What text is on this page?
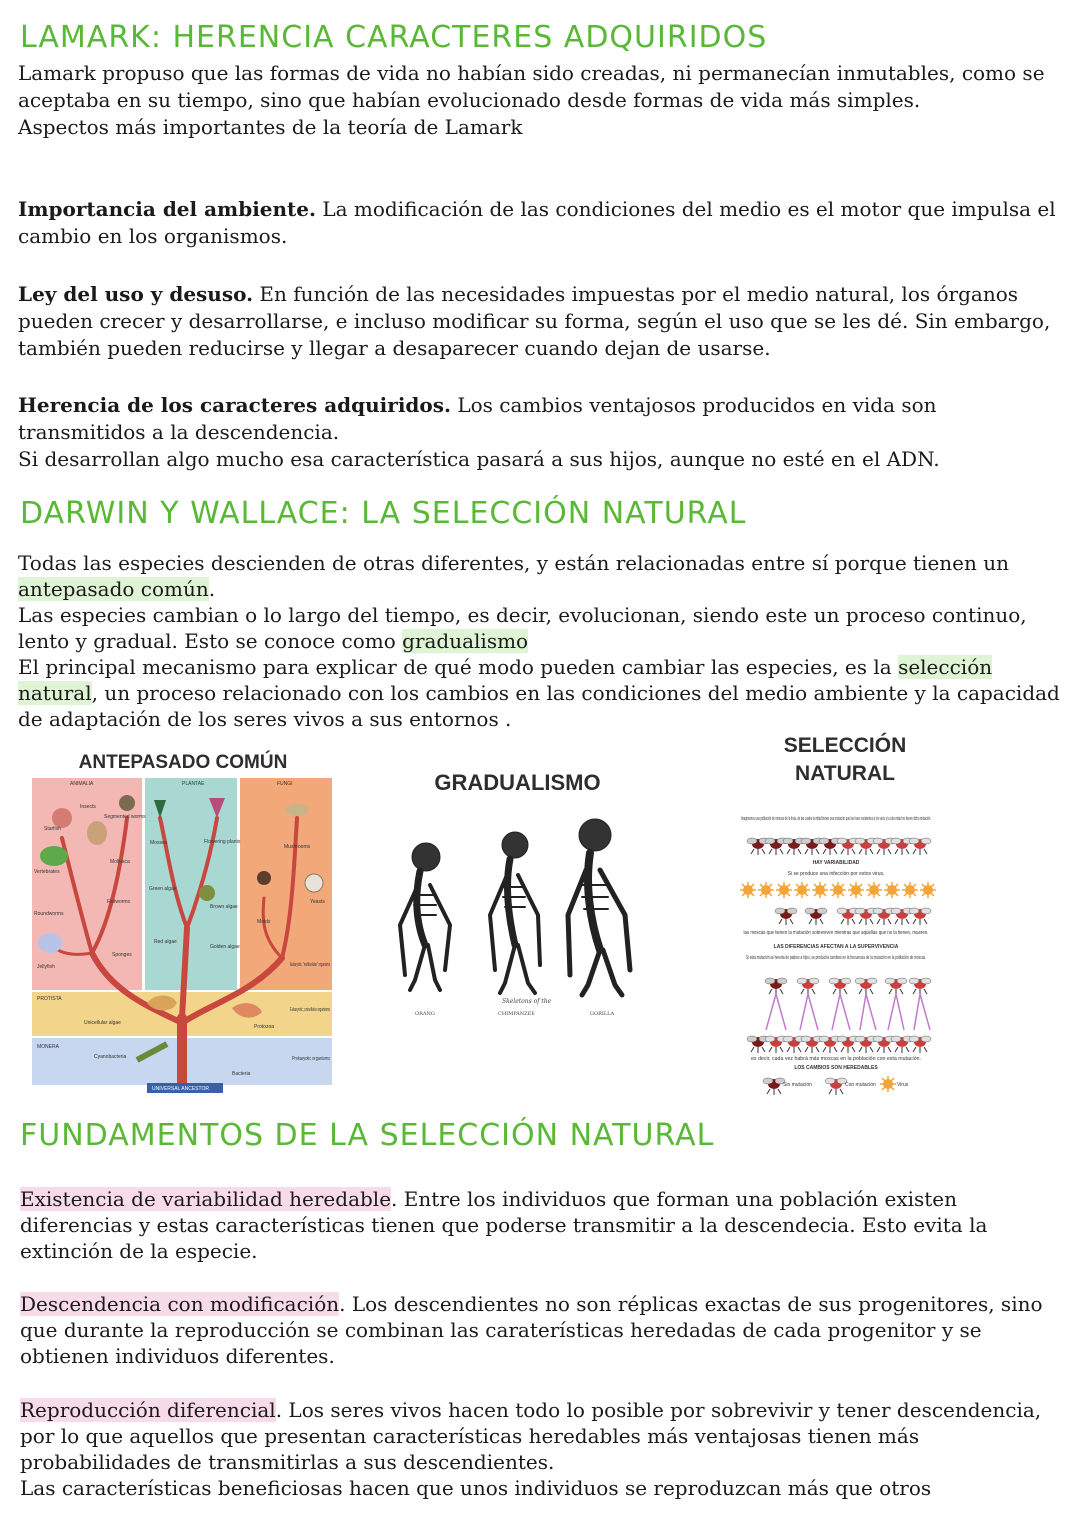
LAMARK: HERENCIA CARACTERES ADQUIRIDOS

Lamark propuso que las formas de vida no habían sido creadas, ni permanecían inmutables, como se aceptaba en su tiempo, sino que habían evolucionado desde formas de vida más simples.
Aspectos más importantes de la teoría de Lamark

Importancia del ambiente. La modificación de las condiciones del medio es el motor que impulsa el cambio en los organismos.

Ley del uso y desuso. En función de las necesidades impuestas por el medio natural, los órganos pueden crecer y desarrollarse, e incluso modificar su forma, según el uso que se les dé. Sin embargo, también pueden reducirse y llegar a desaparecer cuando dejan de usarse.

Herencia de los caracteres adquiridos. Los cambios ventajosos producidos en vida son transmitidos a la descendencia.
Si desarrollan algo mucho esa característica pasará a sus hijos, aunque no esté en el ADN.

DARWIN Y WALLACE: LA SELECCIÓN NATURAL

Todas las especies descienden de otras diferentes, y están relacionadas entre sí porque tienen un antepasado común.
Las especies cambian o lo largo del tiempo, es decir, evolucionan, siendo este un proceso continuo, lento y gradual. Esto se conoce como gradualismo
El principal mecanismo para explicar de qué modo pueden cambiar las especies, es la selección natural, un proceso relacionado con los cambios en las condiciones del medio ambiente y la capacidad de adaptación de los seres vivos a sus entornos .

ANTEPASADO COMÚN
GRADUALISMO
SELECCIÓN NATURAL
ANIMALIA	PLANTAE	FUNGI
Insects
Segmented worms
Starfish
Mollusca
Vertebrates
Flatworms
Roundworms
Sponges
Jellyfish
Green algae
Mosses	Flowering plants
Brown algae
Red algae
Golden algae
Mushrooms
Yeasts
Molds
Eukaryotic, "multicellular" organisms
PROTISTA
Unicellular algae
Protozoa
Eukaryotic, unicellular organisms
MONERA
Cyanobacteria
Bacteria
Prokaryotic organisms
UNIVERSAL ANCESTOR
Skeletons of the
ORANG	CHIMPANZEE	GORILLA
Imaginemos una población de moscas de la fruta, de las cuales la mitad tienen una mutación que las hace resistentes a los virus y la otra mitad no tienen dicha mutación.
HAY VARIABILIDAD
Si se produce una infección por estos virus,
las moscas que tienen la mutación sobreviven mientras que aquellas que no la tienen, mueren.
LAS DIFERENCIAS AFECTAN A LA SUPERVIVENCIA
Si esta mutación se hereda de padres a hijos, se producirá cambios en la frecuencia de la mutación en la población de moscas.
es decir, cada vez habrá más moscas en la población con esta mutación.
LOS CAMBIOS SON HEREDABLES
Sin mutación	Con mutación	Virus
FUNDAMENTOS DE LA SELECCIÓN NATURAL

Existencia de variabilidad heredable. Entre los individuos que forman una población existen diferencias y estas características tienen que poderse transmitir a la descendecia. Esto evita la extinción de la especie.

Descendencia con modificación. Los descendientes no son réplicas exactas de sus progenitores, sino que durante la reproducción se combinan las caraterísticas heredadas de cada progenitor y se obtienen individuos diferentes.

Reproducción diferencial. Los seres vivos hacen todo lo posible por sobrevivir y tener descendencia, por lo que aquellos que presentan características heredables más ventajosas tienen más probabilidades de transmitirlas a sus descendientes.
Las características beneficiosas hacen que unos individuos se reproduzcan más que otros
